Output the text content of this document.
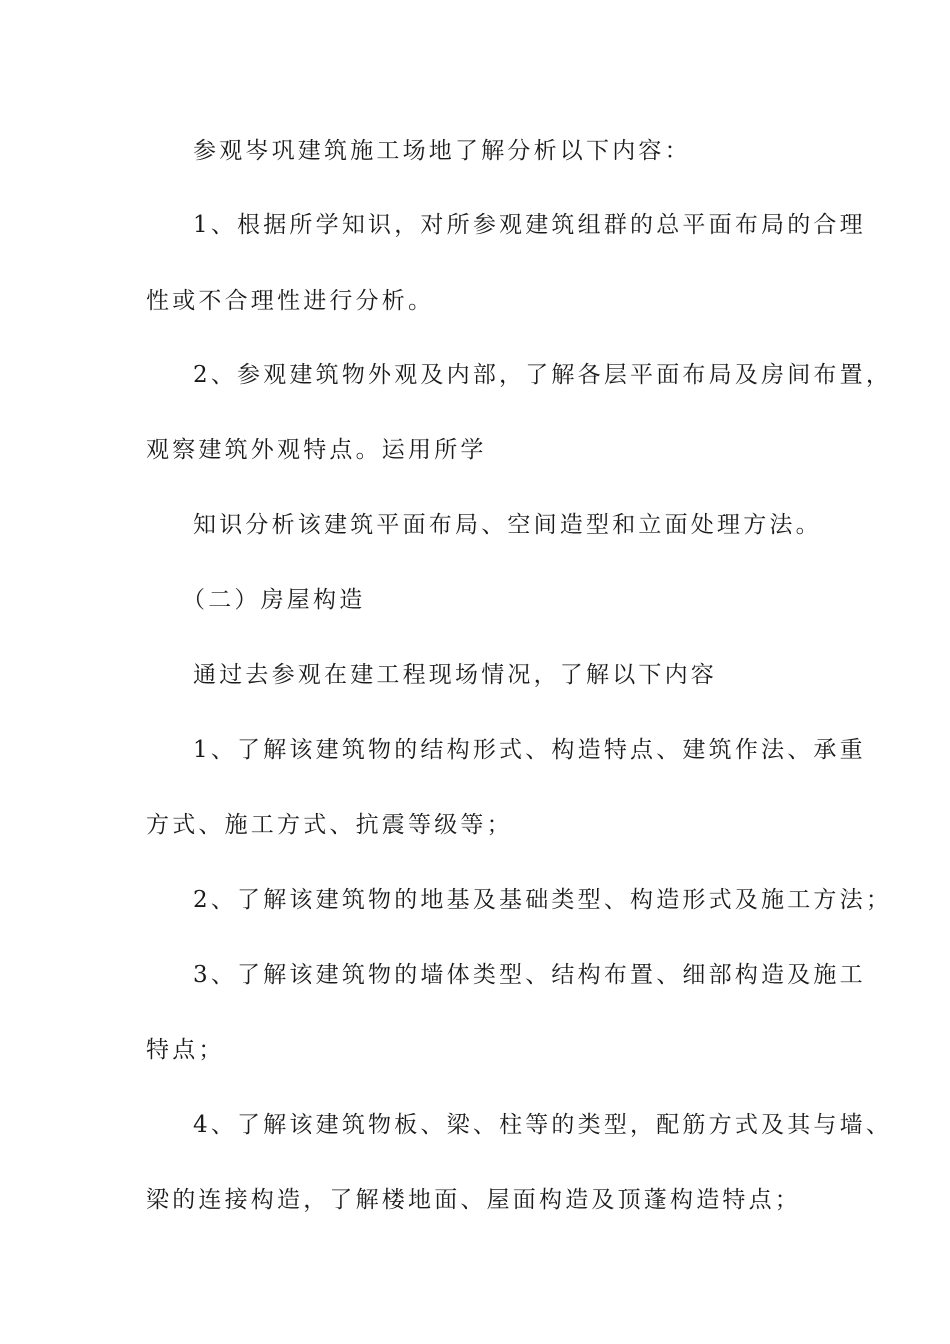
参观岑巩建筑施工场地了解分析以下内容：
1、根据所学知识，对所参观建筑组群的总平面布局的合理
性或不合理性进行分析。
2、参观建筑物外观及内部，了解各层平面布局及房间布置，
观察建筑外观特点。运用所学
知识分析该建筑平面布局、空间造型和立面处理方法。
（二）房屋构造
通过去参观在建工程现场情况，了解以下内容
1、了解该建筑物的结构形式、构造特点、建筑作法、承重
方式、施工方式、抗震等级等；
2、了解该建筑物的地基及基础类型、构造形式及施工方法；
3、了解该建筑物的墙体类型、结构布置、细部构造及施工
特点；
4、了解该建筑物板、梁、柱等的类型，配筋方式及其与墙、
梁的连接构造，了解楼地面、屋面构造及顶蓬构造特点；
